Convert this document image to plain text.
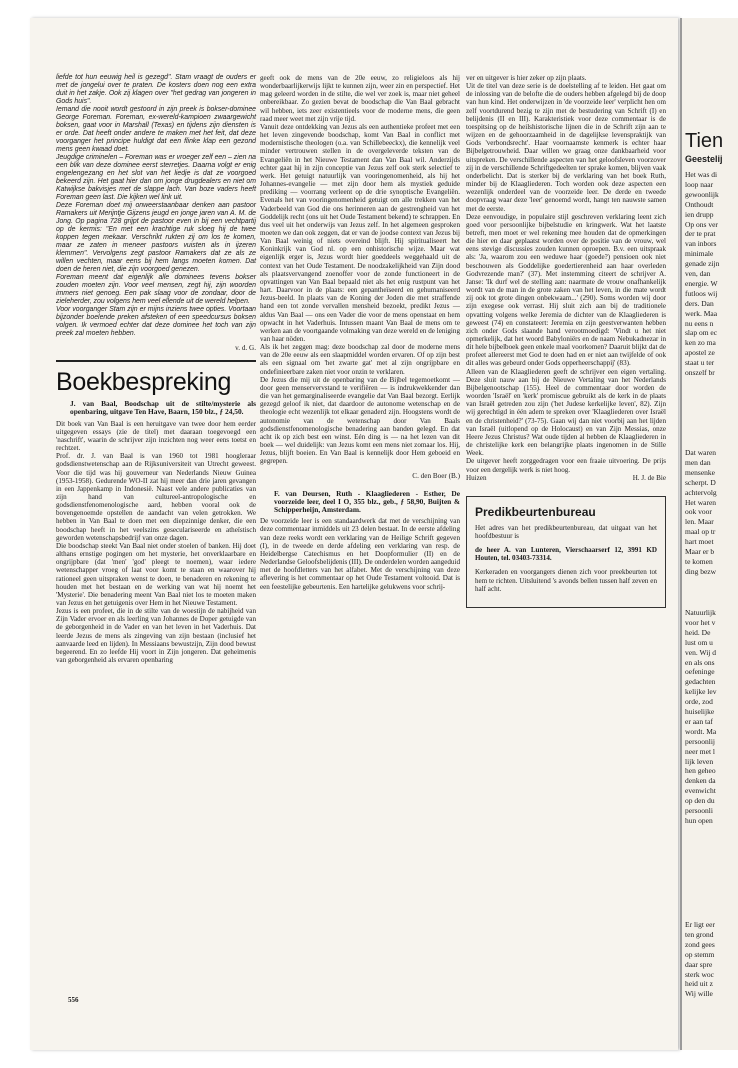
liefde tot hun eeuwig heil is gezegd". Stam vraagt de ouders er met de jongelui over te praten. De kosters doen nog een extra duit in het zakje. Ook zij klagen over "het gedrag van jongeren in Gods huis".

Iemand die nooit wordt gestoord in zijn preek is bokser-dominee George Foreman. Foreman, ex-wereld-kampioen zwaargewicht boksen, gaat voor in Marshall (Texas) en tijdens zijn diensten is er orde. Dat heeft onder andere te maken met het feit, dat deze voorganger het principe huldigt dat een flinke klap een gezond mens geen kwaad doet.

Jeugdige criminelen – Foreman was er vroeger zelf een – zien na een blik van deze dominee eerst sterretjes. Daarna volgt er enig engelengezang en het slot van het liedje is dat ze voorgoed bekeerd zijn. Het gaat hier dan om jonge drugdealers en niet om Katwijkse bakvisjes met de slappe lach. Van boze vaders heeft Foreman geen last. Die kijken wel link uit.

Deze Foreman doet mij onweerstaanbaar denken aan pastoor Ramakers uit Merijntje Gijzens jeugd en jonge jaren van A. M. de Jong. Op pagina 728 grijpt de pastoor even in bij een vechtpartij op de kermis: "En met een krachtige ruk sloeg hij de twee koppen tegen mekaar. Verschrikt rukten zij om los te komen, maar ze zaten in meneer pastoors vuisten als in ijzeren klemmen". Vervolgens zegt pastoor Ramakers dat ze als ze willen vechten, maar eens bij hem langs moeten komen. Dat doen de heren niet, die zijn voorgoed genezen.

Foreman meent dat eigenlijk alle dominees tevens bokser zouden moeten zijn. Voor veel mensen, zegt hij, zijn woorden immers niet genoeg. Een pak slaag voor de zondaar, door de zieleherder, zou volgens hem veel ellende uit de wereld helpen.

Voor voorganger Stam zijn er mijns inziens twee opties. Voortaan bijzonder boelende preken afsteken of een speedcursus boksen volgen. Ik vermoed echter dat deze dominee het toch van zijn preek zal moeten hebben.

v. d. G.
Boekbespreking
J. van Baal, Boodschap uit de stilte/mysterie als openbaring, uitgave Ten Have, Baarn, 150 blz., ƒ 24,50.

Dit boek van Van Baal is een heruitgave van twee door hem eerder uitgegeven essays (zie de titel) met daaraan toegevoegd een 'naschrift', waarin de schrijver zijn inzichten nog weer eens toetst en rechtzet.

Prof. dr. J. van Baal is van 1960 tot 1981 hoogleraar godsdienstwetenschap aan de Rijksuniversiteit van Utrecht geweest. Voor die tijd was hij gouverneur van Nederlands Nieuw Guinea (1953-1958). Gedurende WO-II zat hij meer dan drie jaren gevangen in een Jappenkamp in Indonesië. Naast vele andere publicaties van zijn hand van cultureel-antropologische en godsdienstfenomenologische aard, hebben vooral ook de bovengenoemde opstellen de aandacht van velen getrokken. We hebben in Van Baal te doen met een diepzinnige denker, die een boodschap heeft in het veelszins geseculariseerde en atheïstisch geworden wetenschapsbedrijf van onze dagen.

Die boodschap steekt Van Baal niet onder stoelen of banken. Hij doet althans ernstige pogingen om het mysterie, het onverklaarbare en ongrijpbare (dat 'men' 'god' pleegt te noemen), waar iedere wetenschapper vroeg of laat voor komt te staan en waarover hij rationeel geen uitspraken wenst te doen, te benaderen en rekening te houden met het bestaan en de werking van wat hij noemt het 'Mysterie'. Die benadering meent Van Baal niet los te moeten maken van Jezus en het getuigenis over Hem in het Nieuwe Testament.

Jezus is een profeet, die in de stilte van de woestijn de nabijheid van Zijn Vader ervoer en als leerling van Johannes de Doper getuigde van de geborgenheid in de Vader en van het leven in het Vaderhuis. Dat leerde Jezus de mens als zingeving van zijn bestaan (inclusief het aanvaarde leed en lijden). In Messiaans bewustzijn, Zijn dood bewust begeerend. En zo leefde Hij voort in Zijn jongeren. Dat geheimenis van geborgenheid als ervaren openbaring

geeft ook de mens van de 20e eeuw, zo religieloos als hij wonderbaarlijkerwijs lijkt te kunnen zijn, weer zin en perspectief. Het mag geleerd worden in de stilte, die wel ver zoek is, maar niet geheel onbereikbaar. Zo gezien bevat de boodschap die Van Baal gebracht wil hebben, iets zeer existentieels voor de moderne mens, die geen raad meer weet met zijn vrije tijd.

Vanuit deze ontdekking van Jezus als een authentieke profeet met een het leven zingevende boodschap, komt Van Baal in conflict met modernistische theologen (o.a. van Schillebeeckx), die kennelijk veel minder vertrouwen stellen in de overgeleverde teksten van de Evangeliën in het Nieuwe Testament dan Van Baal wil. Anderzijds echter gaat hij in zijn conceptie van Jezus zelf ook sterk selectief te werk. Het getuigt natuurlijk van vooringenomenheid, als hij het Johannes-evangelie — met zijn door hem als mystiek geduide prediking — voorrang verleent op de drie synoptische Evangeliën. Evenals het van vooringenomenheid getuigt om alle trekken van het Vaderbeeld van God die ons herinneren aan de gestrengheid van het Goddelijk recht (ons uit het Oude Testament bekend) te schrappen. En dus veel uit het onderwijs van Jezus zelf. In het algemeen gesproken moeten we dan ook zeggen, dat er van de joodse context van Jezus bij Van Baal weinig of niets overeind blijft. Hij spiritualiseert het Koninkrijk van God nl. op een onhistorische wijze. Maar wat eigenlijk erger is, Jezus wordt hier goeddeels weggehaald uit de context van het Oude Testament. De noodzakelijkheid van Zijn dood als plaatsvervangend zoenoffer voor de zonde functioneert in de opvattingen van Van Baal bepaald niet als het enig rustpunt van het hart. Daarvoor in de plaats: een gepantheïseerd en gehumaniseerd Jezus-beeld. In plaats van de Koning der Joden die met straffende hand een tot zonde vervallen mensheid bezoekt, predikt Jezus — aldus Van Baal — ons een Vader die voor de mens openstaat en hem opwacht in het Vaderhuis. Intussen maant Van Baal de mens om te werken aan de voortgaande volmaking van deze wereld en de leniging van haar nöden.

Als ik het zeggen mag: deze boodschap zal door de moderne mens van de 20e eeuw als een slaapmiddel worden ervaren. Of op zijn best als een signaal om 'het zwarte gat' met al zijn ongrijpbare en ondefinieerbare zaken niet voor onzin te verklaren.

De Jezus die mij uit de openbaring van de Bijbel tegemoetkomt — door geen menservervstand te verifiëren — is indrukwekkender dan die van het gemarginaliseerde evangelie dat Van Baal bezorgt. Eerlijk gezegd geloof ik niet, dat daardoor de autonome wetenschap en de theologie echt wezenlijk tot elkaar genaderd zijn. Hoogstens wordt de autonomie van de wetenschap door Van Baals godsdienstfenomenologische benadering aan banden gelegd. En dat acht ik op zich best een winst. Eén ding is — na het lezen van dit boek — wel duidelijk: van Jezus komt een mens niet zomaar los. Hij, Jezus, blijft boeien. En Van Baal is kennelijk door Hem geboeid en gegrepen.

C. den Boer (B.)
F. van Deursen, Ruth - Klaagliederen - Esther, De voorzeide leer, deel I O, 355 blz., geb., ƒ 58,90, Buijten & Schipperheijn, Amsterdam.

De voorzeide leer is een standaardwerk dat met de verschijning van deze commentaar inmiddels uit 23 delen bestaat. In de eerste afdeling van deze reeks wordt een verklaring van de Heilige Schrift gegeven (I), in de tweede en derde afdeling een verklaring van resp. de Heidelbergse Catechismus en het Doopformulier (II) en de Nederlandse Geloofsbelijdenis (III). De onderdelen worden aangeduid met de hoofdletters van het alfabet. Met de verschijning van deze aflevering is het commentaar op het Oude Testament voltooid. Dat is een feestelijke gebeurtenis. Een hartelijke gelukwens voor schrij-

ver en uitgever is hier zeker op zijn plaats.

Uit de titel van deze serie is de doelstelling af te leiden. Het gaat om de inlossing van de belofte die de ouders hebben afgelegd bij de doop van hun kind. Het onderwijzen in 'de voorzeide leer' verplicht hen om zelf voortdurend bezig te zijn met de bestudering van Schrift (I) en belijdenis (II en III). Karakteristiek voor deze commentaar is de toespitsing op de heilshistorische lijnen die in de Schrift zijn aan te wijzen en de gehoorzaamheid in de dagelijkse levenspraktijk van Gods 'verbondsrecht'. Haar voornaamste kenmerk is echter haar Bijbelgetrouwheid. Daar willen we graag onze dankbaarheid voor uitspreken. De verschillende aspecten van het geloofsleven voorzover zij in de verschillende Schriftgedeelten ter sprake komen, blijven vaak onderbelicht. Dat is sterker bij de verklaring van het boek Ruth, minder bij de Klaagliederen. Toch worden ook deze aspecten een wezenlijk onderdeel van de voorzeide leer. De derde en tweede doopvraag waar deze 'leer' genoemd wordt, hangt ten nauwste samen met de eerste.

Deze eenvoudige, in populaire stijl geschreven verklaring leent zich goed voor persoonlijke bijbelstudie en kringwerk. Wat het laatste betreft, men moet er wel rekening mee houden dat de opmerkingen die hier en daar geplaatst worden over de positie van de vrouw, wel eens stevige discussies zouden kunnen oproepen. B.v. een uitspraak als: 'Ja, waarom zou een weduwe haar (goede?) pensioen ook niet beschouwen als Goddelijke goedertierenheid aan haar overleden Godvrezende man?' (37). Met instemming citeert de schrijver A. Janse: 'Ik durf wel de stelling aan: naarmate de vrouw onafhankelijk wordt van de man in de grote zaken van het leven, in die mate wordt zij ook tot grote dingen onbekwaam...' (290). Soms worden wij door zijn exegese ook verrast. Hij sluit zich aan bij de traditionele opvatting volgens welke Jeremia de dichter van de Klaagliederen is geweest (74) en constateert: Jeremia en zijn geestverwanten hebben zich onder Gods slaande hand verootmoedigd: 'Vindt u het niet opmerkelijk, dat het woord Babyloniërs en de naam Nebukadnezar in dit hele bijbelboek geen enkele maal voorkomen? Daaruit blijkt dat de profeet allereerst met God te doen had en er niet aan twijfelde of ook dit alles was gebeurd onder Gods opperheerschappij' (83).

Alleen van de Klaagliederen geeft de schrijver een eigen vertaling. Deze sluit nauw aan bij de Nieuwe Vertaling van het Nederlands Bijbelgenootschap (155). Heel de commentaar door worden de woorden 'Israël' en 'kerk' promiscue gebruikt als de kerk in de plaats van Israël getreden zou zijn ('het Judese kerkelijke leven', 82). Zijn wij gerechtigd in één adem te spreken over 'Klaagliederen over Israël en de christenheid?' (73-75). Gaan wij dan niet voorbij aan het lijden van Israël (uitlopend op de Holocaust) en van Zijn Messias, onze Heere Jezus Christus? Wat oude tijden al hebben de Klaagliederen in de christelijke kerk een belangrijke plaats ingenomen in de Stille Week.

De uitgever heeft zorggedragen voor een fraaie uitvoering. De prijs voor een dergelijk werk is niet hoog.

Huizen	H. J. de Bie
Predikbeurtenbureau

Het adres van het predikbeurtenbureau, dat uitgaat van het hoofdbestuur is

de heer A. van Lunteren, Vierschaarserf 12, 3991 KD Houten, tel. 03403-73314.

Kerkeraden en voorgangers dienen zich voor preekbeurten tot hem te richten. Uitsluitend 's avonds bellen tussen half zeven en half acht.

556
Tien
Geestelij
Het was di
loop naar
gewoonlijk
Onthoudt
ien drupp
Op ons ver
der te prat
van inbors
minimale
genade zijn
ven, dan
energie. W
futloos wij
ders. Dan
werk. Maa
nu eens n
slap om ec
ken zo ma
apostel ze
staat u ter
onszelf br
Dat waren
men dan
mensenke
scherpt. D
achtervolg
Het waren
ook voor
len. Maar
maal op tr
hart moet
Maar er b
te komen
ding bezw
Natuurlijk
voor het v
heid. De
lust om u
ven. Wij d
en als ons
oefeninge
gedachten
kelijke lev
orde, zod
huiselijke
er aan taf
wordt. Ma
persoonlij
neer met l
lijk leven
hen geheo
denken da
evenwicht
op den du
persoonli
hun open
Er ligt eer
ten grond
zond gees
op stemm
daar spre
sterk woc
heid uit z
Wij wille
